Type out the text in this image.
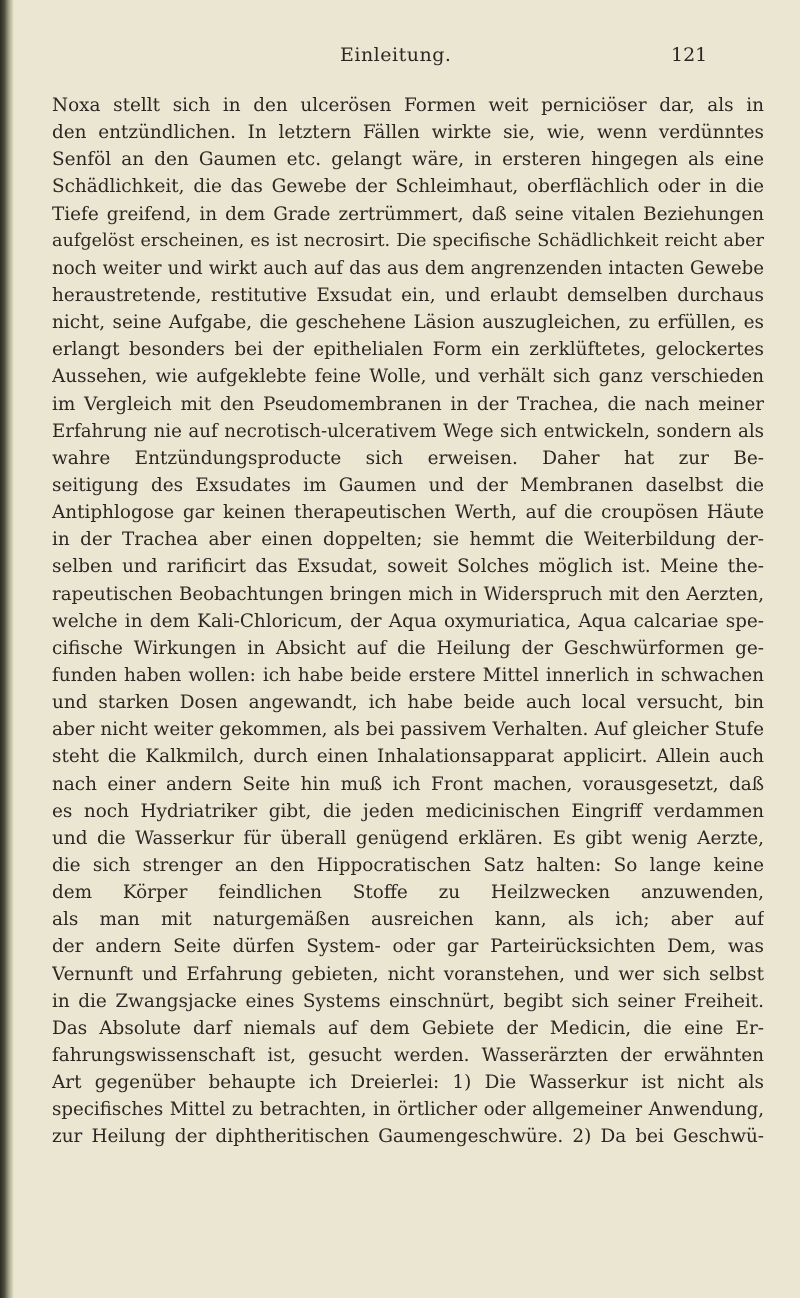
Einleitung.	121
Noxa stellt sich in den ulcerösen Formen weit perniciöser dar, als in
den entzündlichen. In letztern Fällen wirkte sie, wie, wenn verdünntes
Senföl an den Gaumen etc. gelangt wäre, in ersteren hingegen als eine
Schädlichkeit, die das Gewebe der Schleimhaut, oberflächlich oder in die
Tiefe greifend, in dem Grade zertrümmert, daß seine vitalen Beziehungen
aufgelöst erscheinen, es ist necrosirt. Die specifische Schädlichkeit reicht aber
noch weiter und wirkt auch auf das aus dem angrenzenden intacten Gewebe
heraustretende, restitutive Exsudat ein, und erlaubt demselben durchaus
nicht, seine Aufgabe, die geschehene Läsion auszugleichen, zu erfüllen, es
erlangt besonders bei der epithelialen Form ein zerklüftetes, gelockertes
Aussehen, wie aufgeklebte feine Wolle, und verhält sich ganz verschieden
im Vergleich mit den Pseudomembranen in der Trachea, die nach meiner
Erfahrung nie auf necrotisch-ulcerativem Wege sich entwickeln, sondern als
wahre Entzündungsproducte sich erweisen. Daher hat zur Be-
seitigung des Exsudates im Gaumen und der Membranen daselbst die
Antiphlogose gar keinen therapeutischen Werth, auf die croupösen Häute
in der Trachea aber einen doppelten; sie hemmt die Weiterbildung der-
selben und rarificirt das Exsudat, soweit Solches möglich ist. Meine the-
rapeutischen Beobachtungen bringen mich in Widerspruch mit den Aerzten,
welche in dem Kali-Chloricum, der Aqua oxymuriatica, Aqua calcariae spe-
cifische Wirkungen in Absicht auf die Heilung der Geschwürformen ge-
funden haben wollen: ich habe beide erstere Mittel innerlich in schwachen
und starken Dosen angewandt, ich habe beide auch local versucht, bin
aber nicht weiter gekommen, als bei passivem Verhalten. Auf gleicher Stufe
steht die Kalkmilch, durch einen Inhalationsapparat applicirt. Allein auch
nach einer andern Seite hin muß ich Front machen, vorausgesetzt, daß
es noch Hydriatriker gibt, die jeden medicinischen Eingriff verdammen
und die Wasserkur für überall genügend erklären. Es gibt wenig Aerzte,
die sich strenger an den Hippocratischen Satz halten: So lange keine
dem Körper feindlichen Stoffe zu Heilzwecken anzuwenden,
als man mit naturgemäßen ausreichen kann, als ich; aber auf
der andern Seite dürfen System- oder gar Parteirücksichten Dem, was
Vernunft und Erfahrung gebieten, nicht voranstehen, und wer sich selbst
in die Zwangsjacke eines Systems einschnürt, begibt sich seiner Freiheit.
Das Absolute darf niemals auf dem Gebiete der Medicin, die eine Er-
fahrungswissenschaft ist, gesucht werden. Wasserärzten der erwähnten
Art gegenüber behaupte ich Dreierlei: 1) Die Wasserkur ist nicht als
specifisches Mittel zu betrachten, in örtlicher oder allgemeiner Anwendung,
zur Heilung der diphtheritischen Gaumengeschwüre. 2) Da bei Geschwü-
